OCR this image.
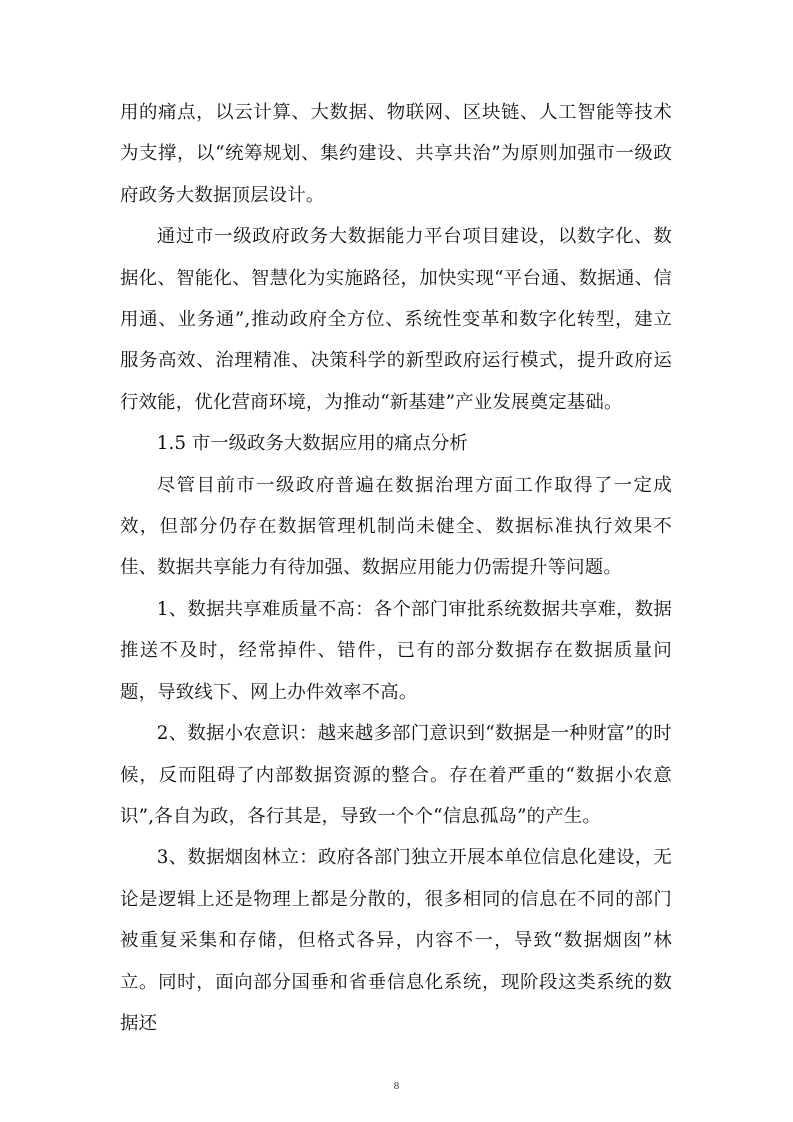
用的痛点，以云计算、大数据、物联网、区块链、人工智能等技术为支撑，以“统筹规划、集约建设、共享共治”为原则加强市一级政府政务大数据顶层设计。

通过市一级政府政务大数据能力平台项目建设，以数字化、数据化、智能化、智慧化为实施路径，加快实现“平台通、数据通、信用通、业务通”,推动政府全方位、系统性变革和数字化转型，建立服务高效、治理精准、决策科学的新型政府运行模式，提升政府运行效能，优化营商环境，为推动“新基建”产业发展奠定基础。

1.5 市一级政务大数据应用的痛点分析

尽管目前市一级政府普遍在数据治理方面工作取得了一定成效，但部分仍存在数据管理机制尚未健全、数据标准执行效果不佳、数据共享能力有待加强、数据应用能力仍需提升等问题。

1、数据共享难质量不高：各个部门审批系统数据共享难，数据推送不及时，经常掉件、错件，已有的部分数据存在数据质量问题，导致线下、网上办件效率不高。

2、数据小农意识：越来越多部门意识到“数据是一种财富”的时候，反而阻碍了内部数据资源的整合。存在着严重的“数据小农意识”,各自为政，各行其是，导致一个个“信息孤岛”的产生。

3、数据烟囱林立：政府各部门独立开展本单位信息化建设，无论是逻辑上还是物理上都是分散的，很多相同的信息在不同的部门被重复采集和存储，但格式各异，内容不一，导致“数据烟囱”林立。同时，面向部分国垂和省垂信息化系统，现阶段这类系统的数据还

8
